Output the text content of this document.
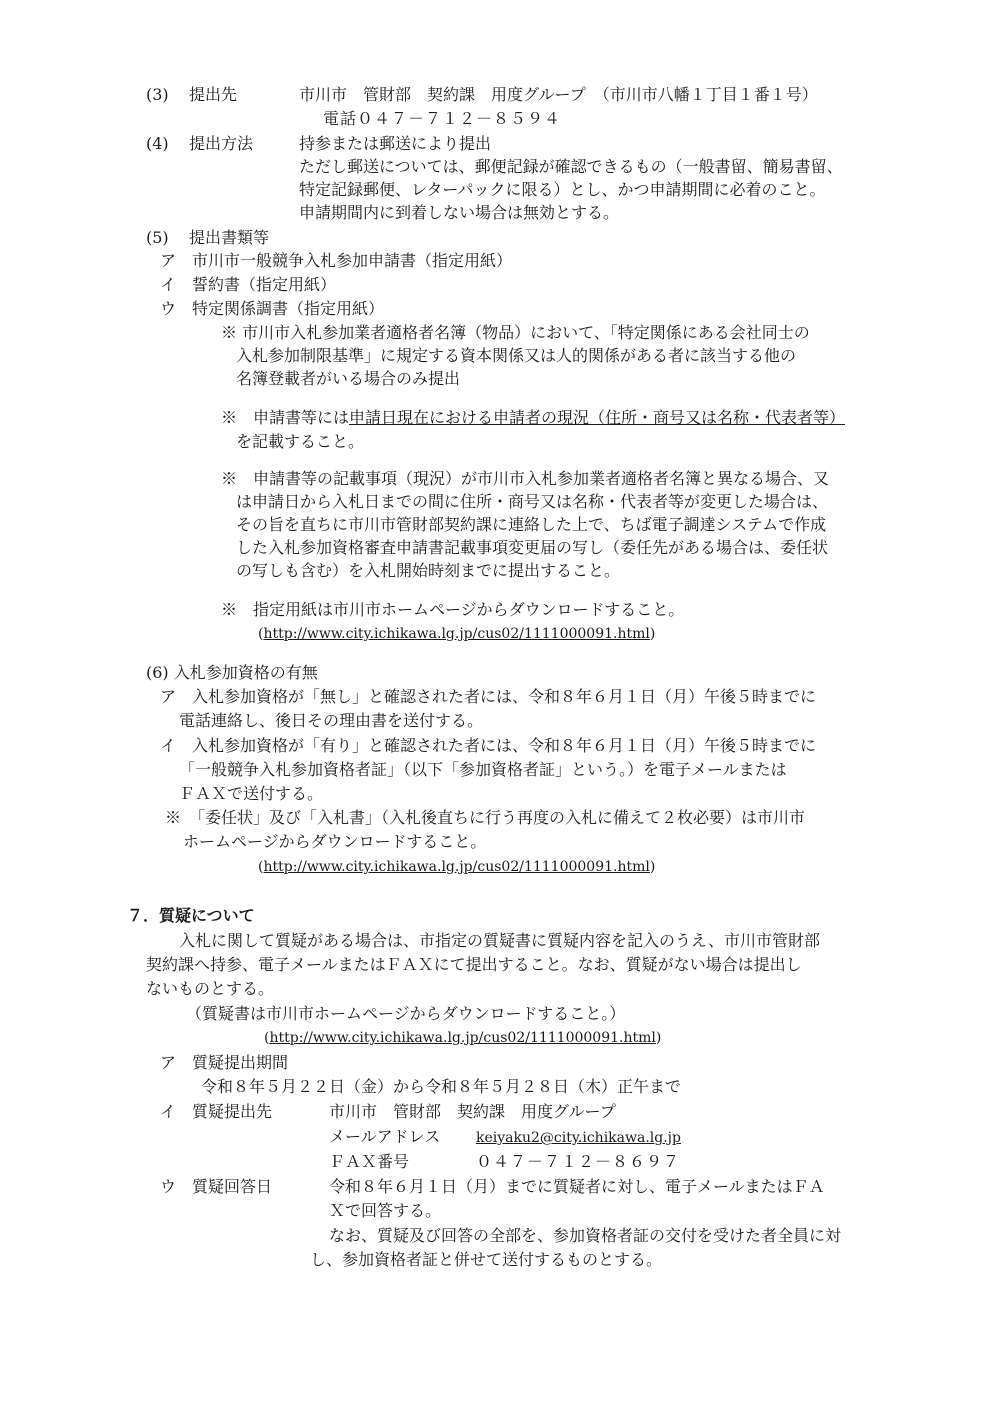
(3) 提出先	市川市　管財部　契約課　用度グループ　（市川市八幡１丁目１番１号）
電話０４７－７１２－８５９４
(4) 提出方法	持参または郵送により提出
ただし郵送については、郵便記録が確認できるもの（一般書留、簡易書留、
特定記録郵便、レターパックに限る）とし、かつ申請期間に必着のこと。
申請期間内に到着しない場合は無効とする。
(5) 提出書類等
ア　市川市一般競争入札参加申請書（指定用紙）
イ　誓約書（指定用紙）
ウ　特定関係調書（指定用紙）
※ 市川市入札参加業者適格者名簿（物品）において、「特定関係にある会社同士の
入札参加制限基準」に規定する資本関係又は人的関係がある者に該当する他の
名簿登載者がいる場合のみ提出
※　申請書等には申請日現在における申請者の現況（住所・商号又は名称・代表者等）
を記載すること。
※　申請書等の記載事項（現況）が市川市入札参加業者適格者名簿と異なる場合、又
は申請日から入札日までの間に住所・商号又は名称・代表者等が変更した場合は、
その旨を直ちに市川市管財部契約課に連絡した上で、ちば電子調達システムで作成
した入札参加資格審査申請書記載事項変更届の写し（委任先がある場合は、委任状
の写しも含む）を入札開始時刻までに提出すること。
※　指定用紙は市川市ホームページからダウンロードすること。
(http://www.city.ichikawa.lg.jp/cus02/1111000091.html)
(6) 入札参加資格の有無
ア　入札参加資格が「無し」と確認された者には、令和８年６月１日（月）午後５時までに
電話連絡し、後日その理由書を送付する。
イ　入札参加資格が「有り」と確認された者には、令和８年６月１日（月）午後５時までに
「一般競争入札参加資格者証」（以下「参加資格者証」という。）を電子メールまたは
ＦＡＸで送付する。
※　「委任状」及び「入札書」（入札後直ちに行う再度の入札に備えて２枚必要）は市川市
ホームページからダウンロードすること。
(http://www.city.ichikawa.lg.jp/cus02/1111000091.html)
７．質疑について
入札に関して質疑がある場合は、市指定の質疑書に質疑内容を記入のうえ、市川市管財部
契約課へ持参、電子メールまたはＦＡＸにて提出すること。なお、質疑がない場合は提出し
ないものとする。
（質疑書は市川市ホームページからダウンロードすること。）
(http://www.city.ichikawa.lg.jp/cus02/1111000091.html)
ア　質疑提出期間
令和８年５月２２日（金）から令和８年５月２８日（木）正午まで
イ　質疑提出先	市川市　管財部　契約課　用度グループ
メールアドレス	keiyaku2@city.ichikawa.lg.jp
ＦＡＸ番号	０４７－７１２－８６９７
ウ　質疑回答日	令和８年６月１日（月）までに質疑者に対し、電子メールまたはＦＡ
Ｘで回答する。
なお、質疑及び回答の全部を、参加資格者証の交付を受けた者全員に対
し、参加資格者証と併せて送付するものとする。
